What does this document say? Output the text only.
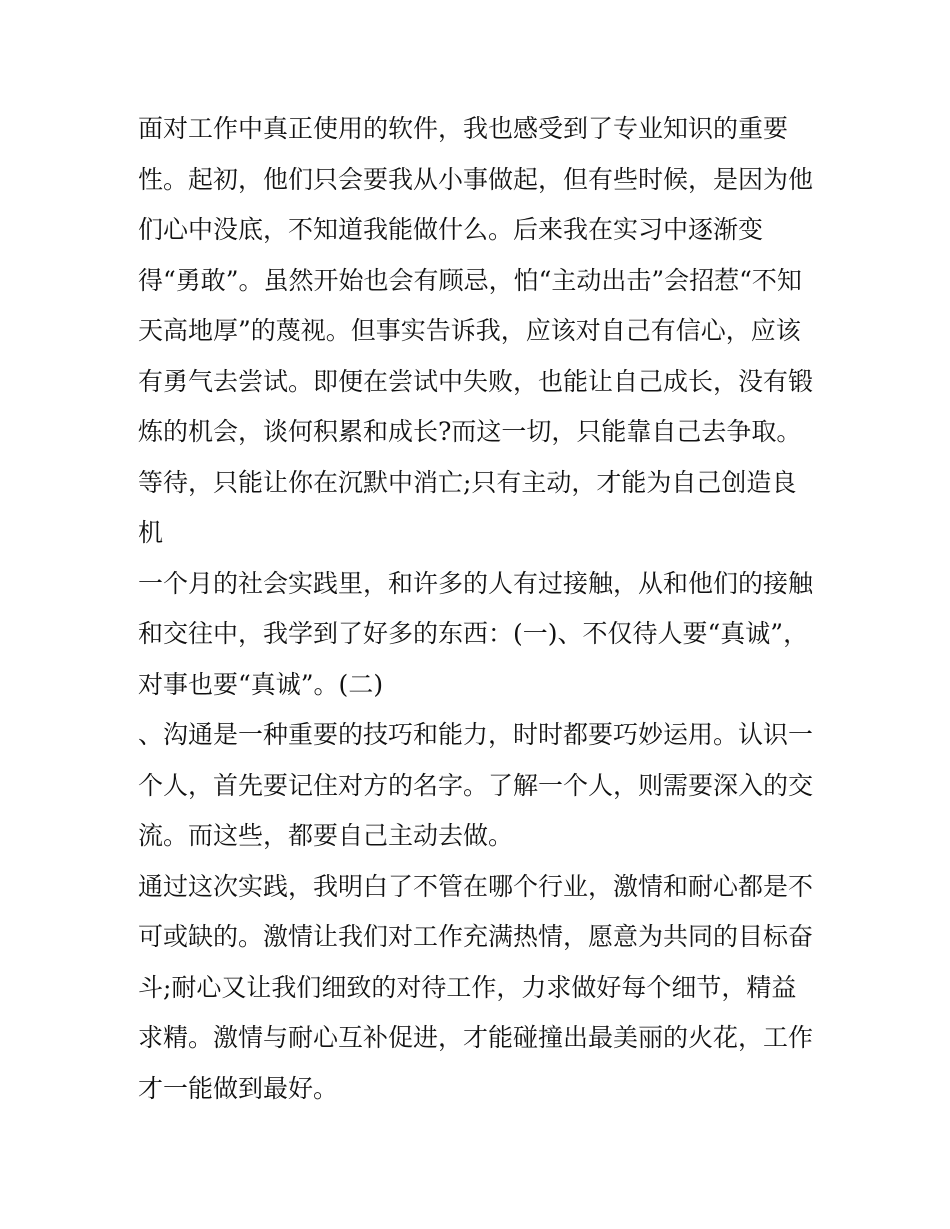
面对工作中真正使用的软件，我也感受到了专业知识的重要
性。起初，他们只会要我从小事做起，但有些时候，是因为他
们心中没底，不知道我能做什么。后来我在实习中逐渐变
得“勇敢”。虽然开始也会有顾忌，怕“主动出击”会招惹“不知
天高地厚”的蔑视。但事实告诉我，应该对自己有信心，应该
有勇气去尝试。即便在尝试中失败，也能让自己成长，没有锻
炼的机会，谈何积累和成长?而这一切，只能靠自己去争取。
等待，只能让你在沉默中消亡;只有主动，才能为自己创造良
机
一个月的社会实践里，和许多的人有过接触，从和他们的接触
和交往中，我学到了好多的东西：(一)、不仅待人要“真诚”，
对事也要“真诚”。(二)
、沟通是一种重要的技巧和能力，时时都要巧妙运用。认识一
个人，首先要记住对方的名字。了解一个人，则需要深入的交
流。而这些，都要自己主动去做。
通过这次实践，我明白了不管在哪个行业，激情和耐心都是不
可或缺的。激情让我们对工作充满热情，愿意为共同的目标奋
斗;耐心又让我们细致的对待工作，力求做好每个细节，精益
求精。激情与耐心互补促进，才能碰撞出最美丽的火花，工作
才一能做到最好。
